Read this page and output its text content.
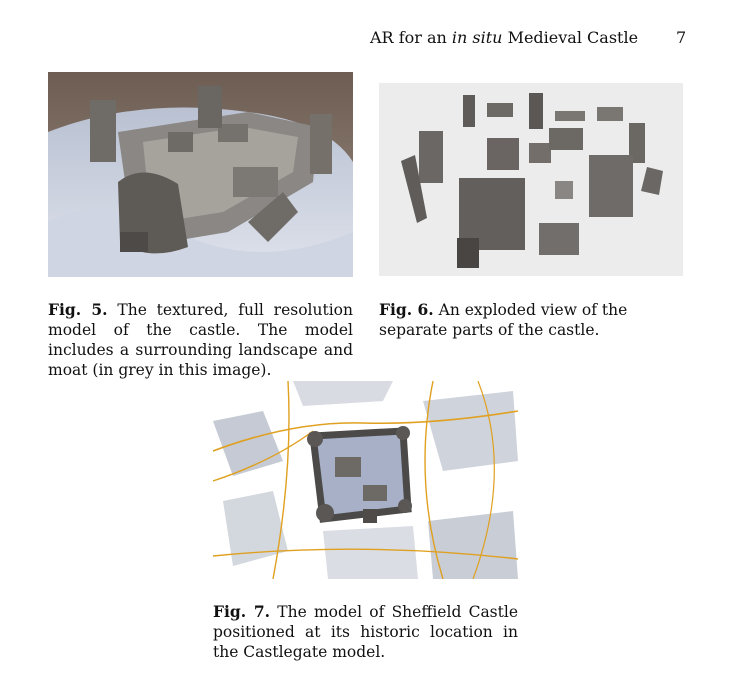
AR for an in situ Medieval Castle 7
Fig. 5. The textured, full resolution model of the castle. The model includes a surrounding landscape and moat (in grey in this image).
Fig. 6. An exploded view of the separate parts of the castle.
Fig. 7. The model of Sheffield Castle positioned at its historic location in the Castlegate model.
